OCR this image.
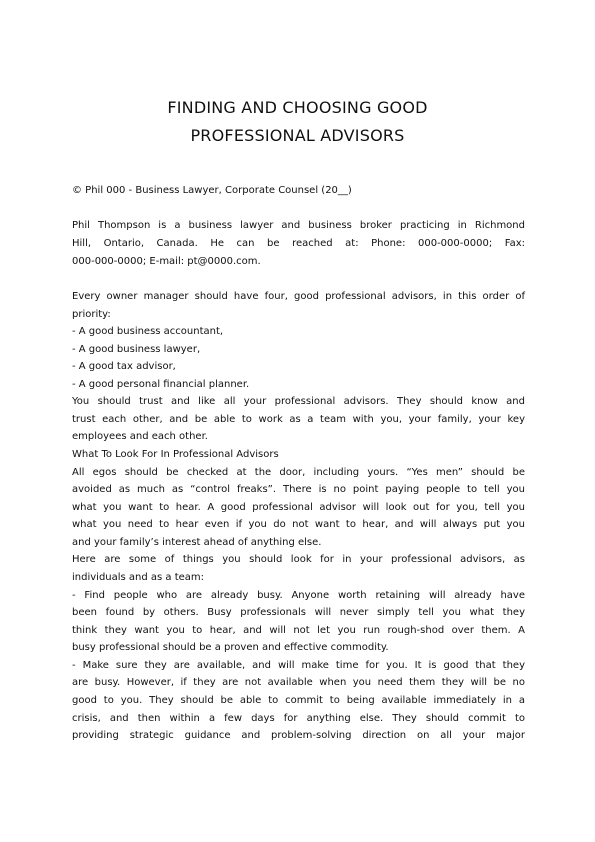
FINDING AND CHOOSING GOOD
PROFESSIONAL ADVISORS
© Phil 000 - Business Lawyer, Corporate Counsel (20__)
Phil Thompson is a business lawyer and business broker practicing in Richmond
Hill, Ontario, Canada. He can be reached at: Phone: 000-000-0000; Fax:
000-000-0000; E-mail: pt@0000.com.
Every owner manager should have four, good professional advisors, in this order of
priority:
- A good business accountant,
- A good business lawyer,
- A good tax advisor,
- A good personal financial planner.
You should trust and like all your professional advisors. They should know and
trust each other, and be able to work as a team with you, your family, your key
employees and each other.
What To Look For In Professional Advisors
All egos should be checked at the door, including yours. “Yes men” should be
avoided as much as “control freaks”. There is no point paying people to tell you
what you want to hear. A good professional advisor will look out for you, tell you
what you need to hear even if you do not want to hear, and will always put you
and your family’s interest ahead of anything else.
Here are some of things you should look for in your professional advisors, as
individuals and as a team:
- Find people who are already busy. Anyone worth retaining will already have
been found by others. Busy professionals will never simply tell you what they
think they want you to hear, and will not let you run rough-shod over them. A
busy professional should be a proven and effective commodity.
- Make sure they are available, and will make time for you. It is good that they
are busy. However, if they are not available when you need them they will be no
good to you. They should be able to commit to being available immediately in a
crisis, and then within a few days for anything else. They should commit to
providing strategic guidance and problem-solving direction on all your major
